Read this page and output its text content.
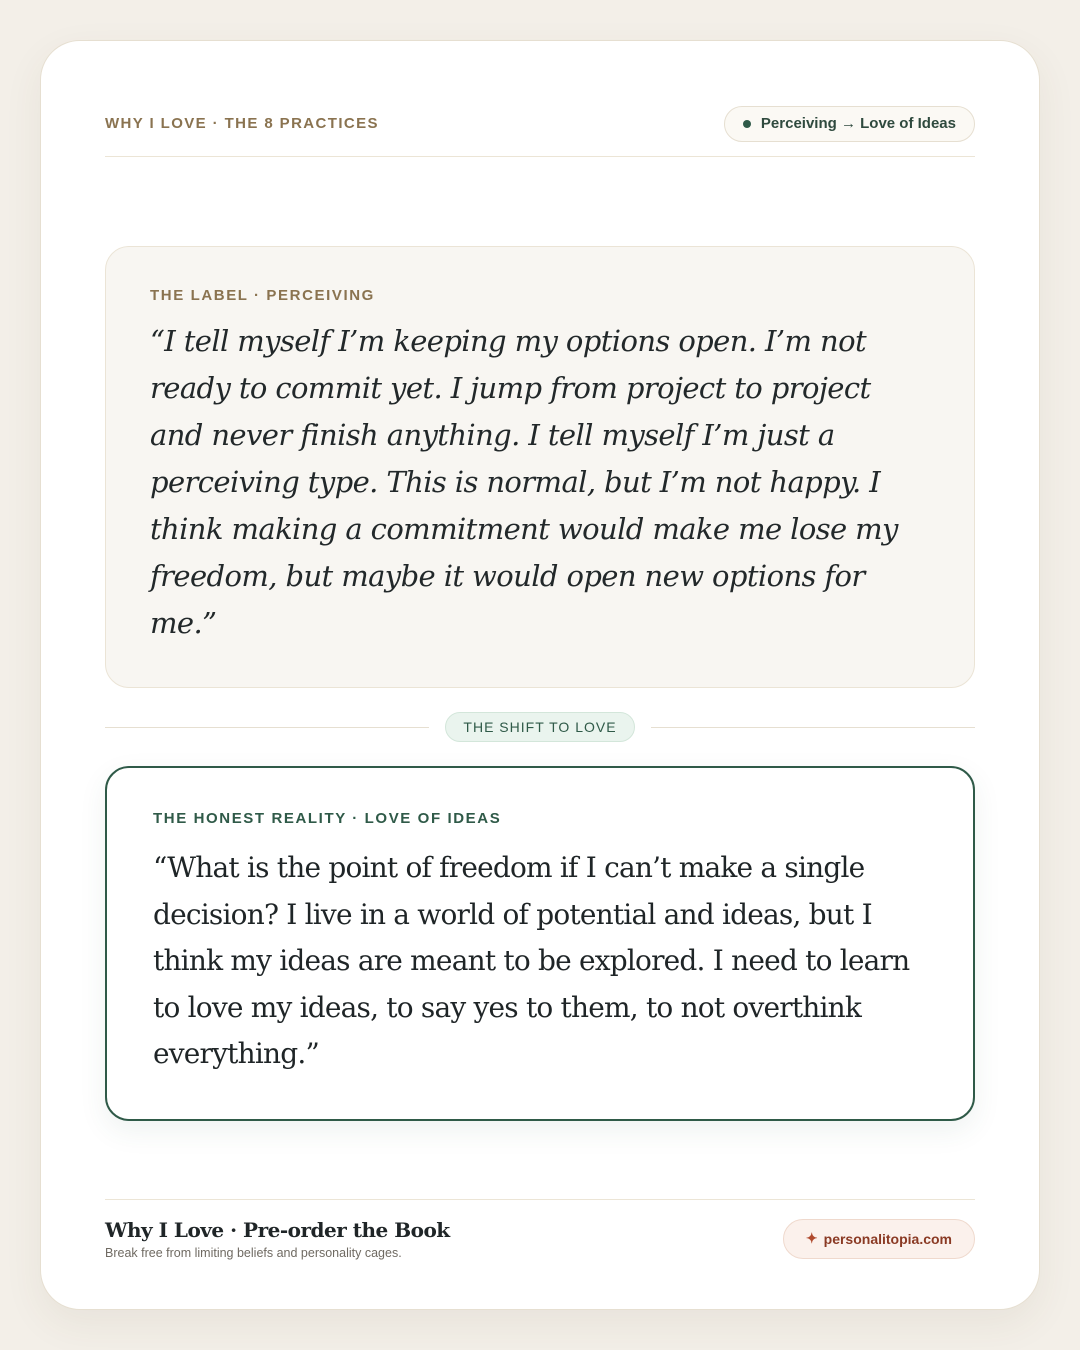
WHY I LOVE · THE 8 PRACTICES	Perceiving → Love of Ideas
THE LABEL · PERCEIVING
“I tell myself I’m keeping my options open. I’m not ready to commit yet. I jump from project to project and never finish anything. I tell myself I’m just a perceiving type. This is normal, but I’m not happy. I think making a commitment would make me lose my freedom, but maybe it would open new options for me.”
THE SHIFT TO LOVE
THE HONEST REALITY · LOVE OF IDEAS
“What is the point of freedom if I can’t make a single decision? I live in a world of potential and ideas, but I think my ideas are meant to be explored. I need to learn to love my ideas, to say yes to them, to not overthink everything.”
Why I Love · Pre-order the Book
Break free from limiting beliefs and personality cages.
✦ personalitopia.com
